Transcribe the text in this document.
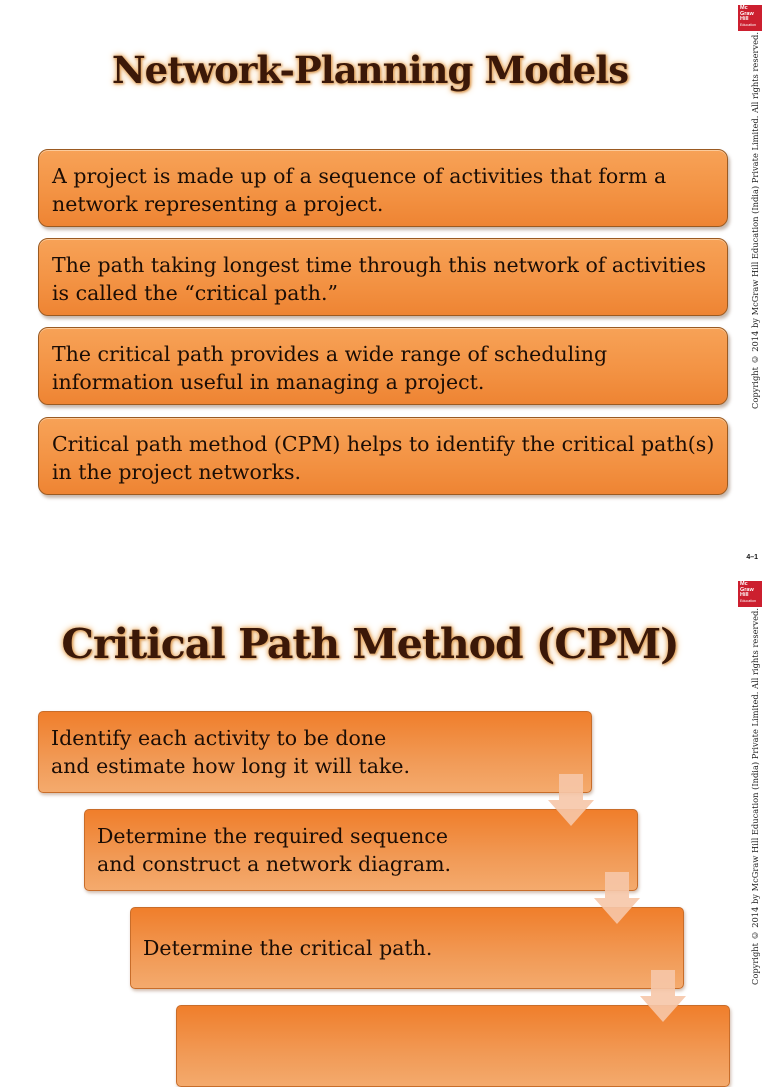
Mc
Graw
Hill
Education
Copyright © 2014 by McGraw Hill Education (India) Private Limited. All rights reserved.
Network-Planning Models
A project is made up of a sequence of activities that form a network representing a project.
The path taking longest time through this network of activities is called the “critical path.”
The critical path provides a wide range of scheduling information useful in managing a project.
Critical path method (CPM) helps to identify the critical path(s) in the project networks.
4–1
Mc
Graw
Hill
Education
Copyright © 2014 by McGraw Hill Education (India) Private Limited. All rights reserved.
Critical Path Method (CPM)
Identify each activity to be done
and estimate how long it will take.
Determine the required sequence
and construct a network diagram.
Determine the critical path.
